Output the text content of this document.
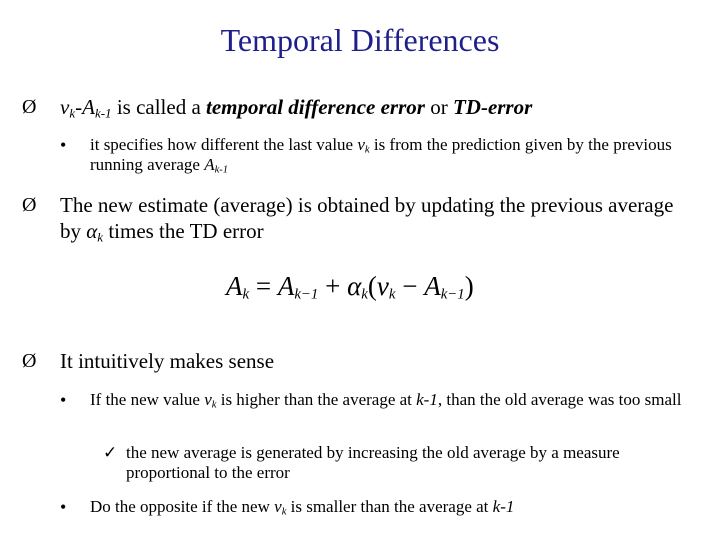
Temporal Differences
Ø $v_k-A_{k-1}$ is called a temporal difference error or TD-error
• it specifies how different the last value $v_k$ is from the prediction given by the previous running average $A_{k-1}$
Ø The new estimate (average) is obtained by updating the previous average by $\alpha_k$ times the TD error
$A_k = A_{k-1} + \alpha_k(v_k - A_{k-1})$
Ø It intuitively makes sense
• If the new value $v_k$ is higher than the average at k-1, than the old average was too small
✓ the new average is generated by increasing the old average by a measure proportional to the error
• Do the opposite if the new $v_k$ is smaller than the average at k-1
